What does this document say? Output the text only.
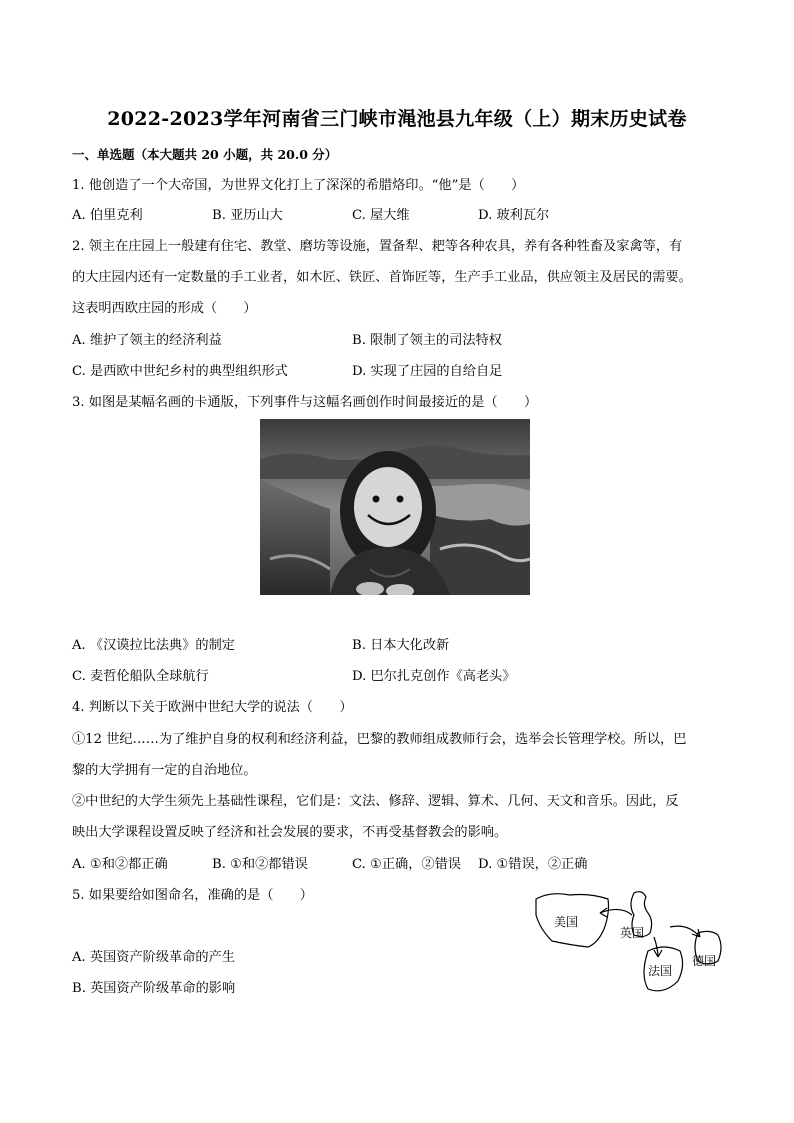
2022-2023学年河南省三门峡市渑池县九年级（上）期末历史试卷
一、单选题（本大题共 20 小题，共 20.0 分）
1. 他创造了一个大帝国，为世界文化打上了深深的希腊烙印。“他”是（　　）
A. 伯里克利	B. 亚历山大	C. 屋大维	D. 玻利瓦尔
2. 领主在庄园上一般建有住宅、教堂、磨坊等设施，置备犁、耙等各种农具，养有各种牲畜及家禽等，有
的大庄园内还有一定数量的手工业者，如木匠、铁匠、首饰匠等，生产手工业品，供应领主及居民的需要。
这表明西欧庄园的形成（　　）
A. 维护了领主的经济利益	B. 限制了领主的司法特权
C. 是西欧中世纪乡村的典型组织形式	D. 实现了庄园的自给自足
3. 如图是某幅名画的卡通版，下列事件与这幅名画创作时间最接近的是（　　）
A. 《汉谟拉比法典》的制定	B. 日本大化改新
C. 麦哲伦船队全球航行	D. 巴尔扎克创作《高老头》
4. 判断以下关于欧洲中世纪大学的说法（　　）
①12 世纪……为了维护自身的权利和经济利益，巴黎的教师组成教师行会，选举会长管理学校。所以，巴
黎的大学拥有一定的自治地位。
②中世纪的大学生须先上基础性课程，它们是：文法、修辞、逻辑、算术、几何、天文和音乐。因此，反
映出大学课程设置反映了经济和社会发展的要求，不再受基督教会的影响。
A. ①和②都正确	B. ①和②都错误	C. ①正确，②错误 D. ①错误，②正确
5. 如果要给如图命名，准确的是（　　）
A. 英国资产阶级革命的产生
B. 英国资产阶级革命的影响
美国
英国
法国
德国
